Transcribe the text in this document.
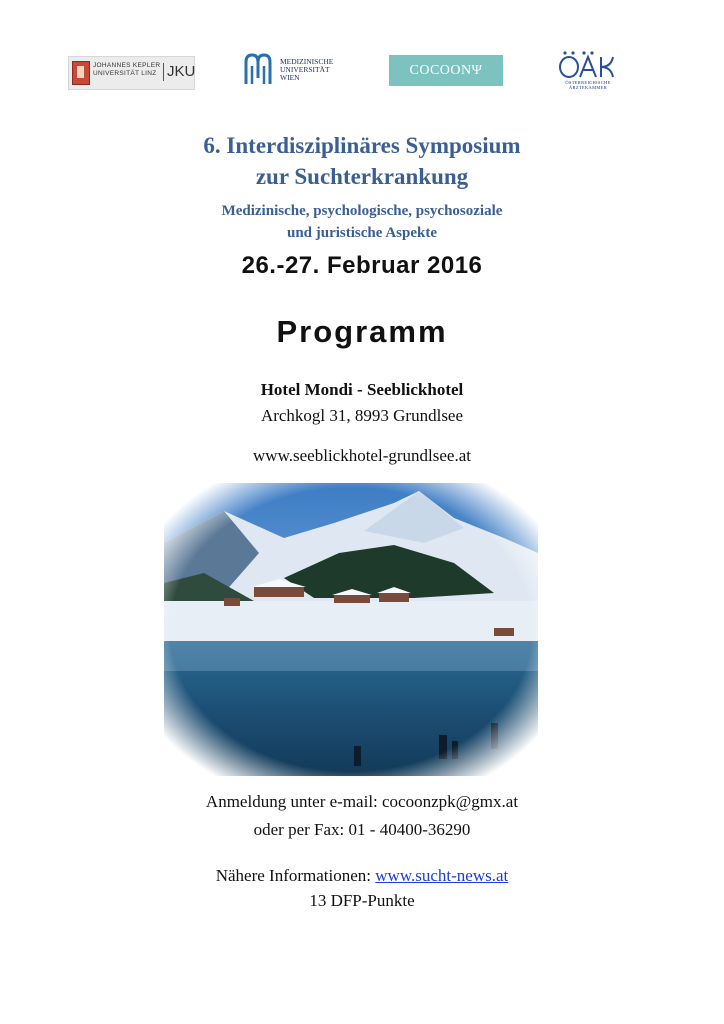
JOHANNES KEPLER
UNIVERSITÄT LINZ JKU
MEDIZINISCHE
UNIVERSITÄT
WIEN	COCOONΨ
ÖSTERREICHISCHE
ÄRZTEKAMMER
6. Interdisziplinäres Symposium
zur Suchterkrankung
Medizinische, psychologische, psychosoziale
und juristische Aspekte
26.-27. Februar 2016
Programm
Hotel Mondi - Seeblickhotel
Archkogl 31, 8993 Grundlsee
www.seeblickhotel-grundlsee.at
Anmeldung unter e-mail: cocoonzpk@gmx.at
oder per Fax: 01 - 40400-36290
Nähere Informationen: www.sucht-news.at
13 DFP-Punkte
